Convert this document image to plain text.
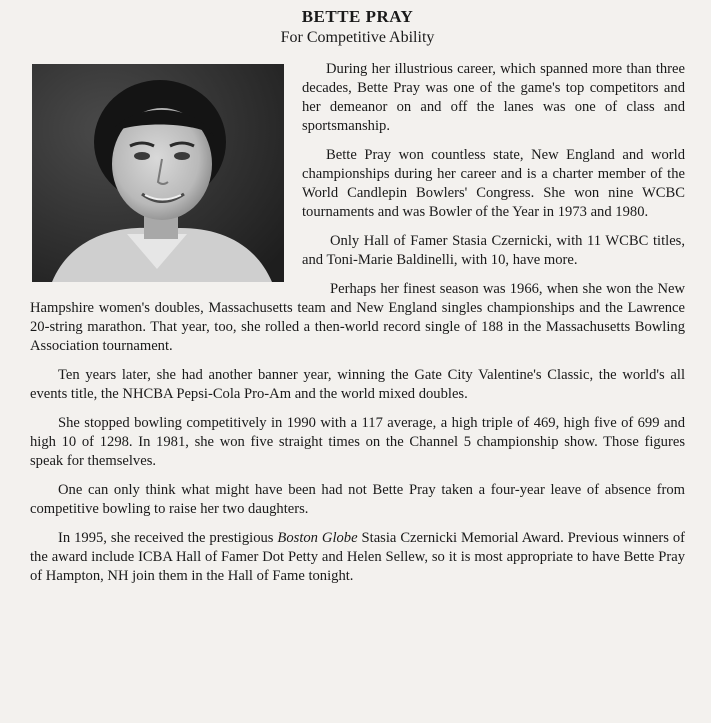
BETTE PRAY
For Competitive Ability

During her illustrious career, which spanned more than three decades, Bette Pray was one of the game's top competitors and her demeanor on and off the lanes was one of class and sportsmanship.

Bette Pray won countless state, New England and world championships during her career and is a charter member of the World Candlepin Bowlers' Congress. She won nine WCBC tournaments and was Bowler of the Year in 1973 and 1980.

Only Hall of Famer Stasia Czernicki, with 11 WCBC titles, and Toni-Marie Baldinelli, with 10, have more.

Perhaps her finest season was 1966, when she won the New Hampshire women's doubles, Massachusetts team and New England singles championships and the Lawrence 20-string marathon. That year, too, she rolled a then-world record single of 188 in the Massachusetts Bowling Association tournament.

Ten years later, she had another banner year, winning the Gate City Valentine's Classic, the world's all events title, the NHCBA Pepsi-Cola Pro-Am and the world mixed doubles.

She stopped bowling competitively in 1990 with a 117 average, a high triple of 469, high five of 699 and high 10 of 1298. In 1981, she won five straight times on the Channel 5 championship show. Those figures speak for themselves.

One can only think what might have been had not Bette Pray taken a four-year leave of absence from competitive bowling to raise her two daughters.

In 1995, she received the prestigious Boston Globe Stasia Czernicki Memorial Award. Previous winners of the award include ICBA Hall of Famer Dot Petty and Helen Sellew, so it is most appropriate to have Bette Pray of Hampton, NH join them in the Hall of Fame tonight.
